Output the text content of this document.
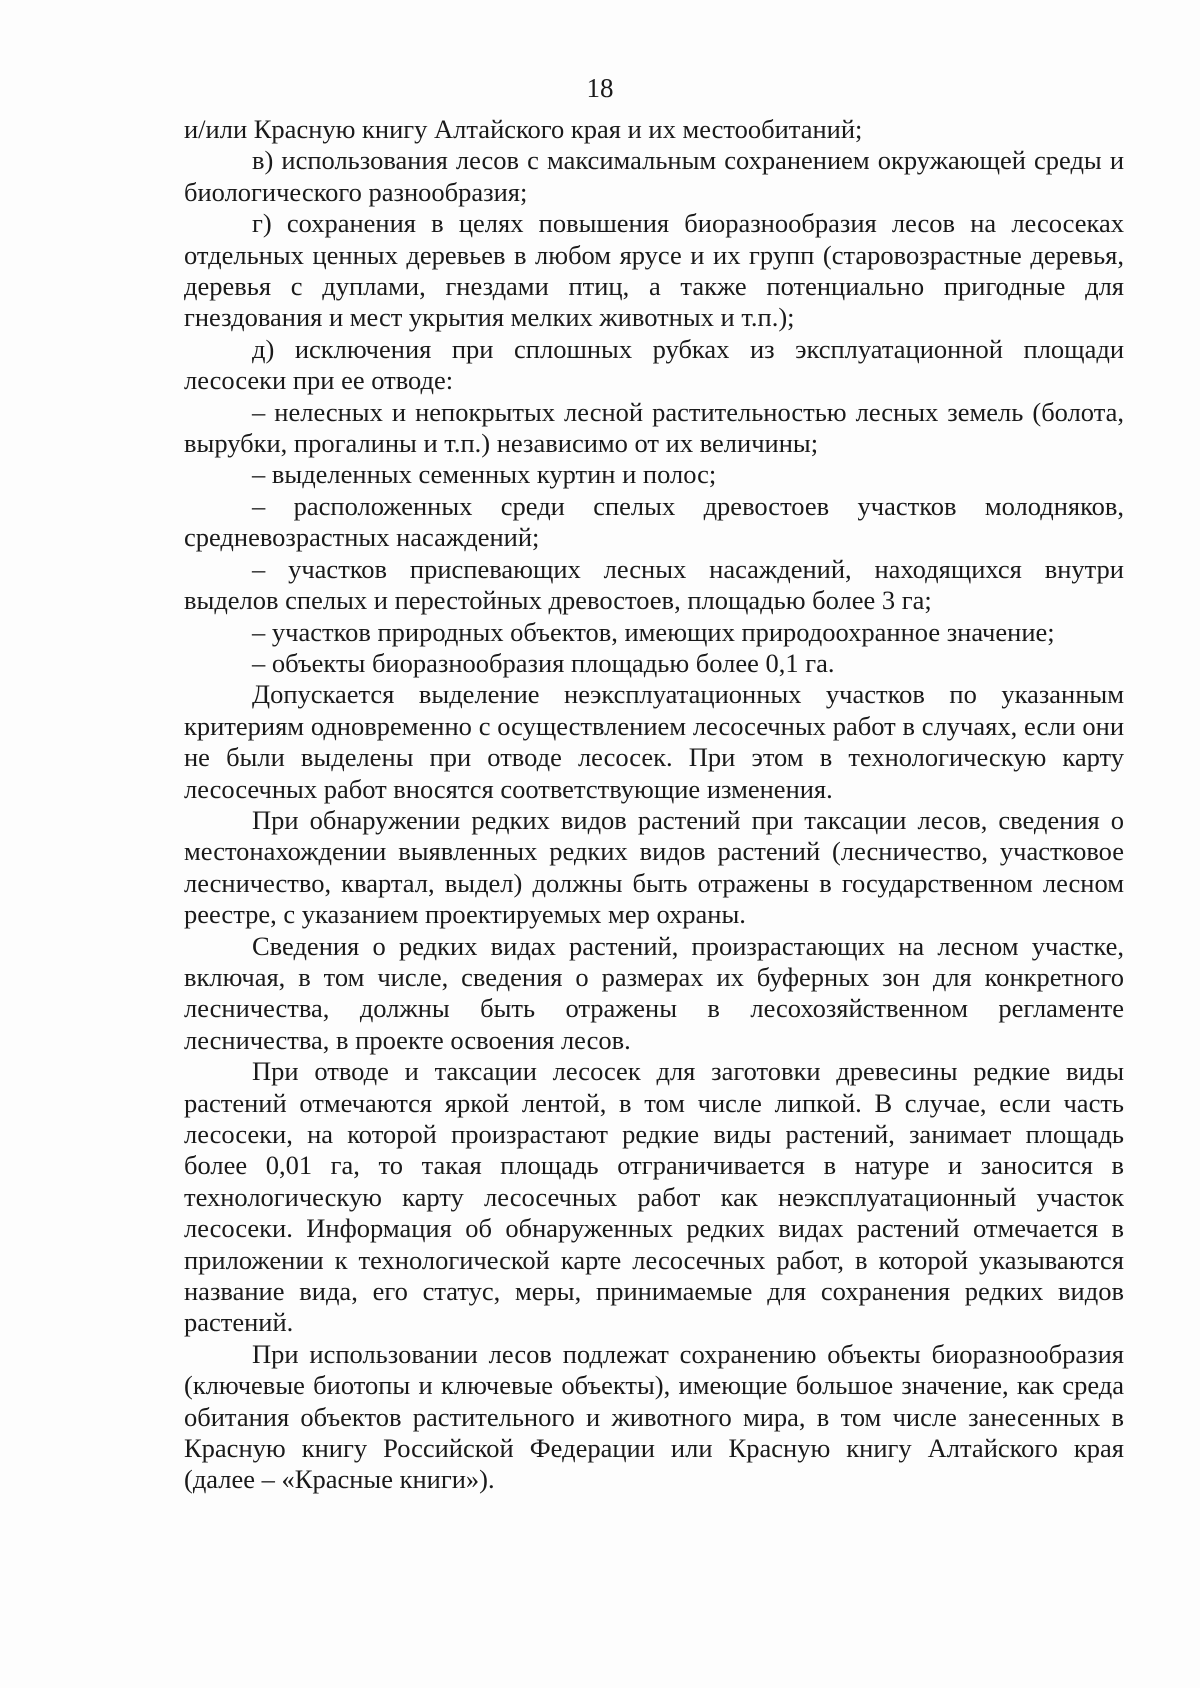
18

и/или Красную книгу Алтайского края и их местообитаний;

в) использования лесов с максимальным сохранением окружающей среды и биологического разнообразия;

г) сохранения в целях повышения биоразнообразия лесов на лесосеках отдельных ценных деревьев в любом ярусе и их групп (старовозрастные деревья, деревья с дуплами, гнездами птиц, а также потенциально пригодные для гнездования и мест укрытия мелких животных и т.п.);

д) исключения при сплошных рубках из эксплуатационной площади лесосеки при ее отводе:

– нелесных и непокрытых лесной растительностью лесных земель (болота, вырубки, прогалины и т.п.) независимо от их величины;

– выделенных семенных куртин и полос;

– расположенных среди спелых древостоев участков молодняков, средневозрастных насаждений;

– участков приспевающих лесных насаждений, находящихся внутри выделов спелых и перестойных древостоев, площадью более 3 га;

– участков природных объектов, имеющих природоохранное значение;

– объекты биоразнообразия площадью более 0,1 га.

Допускается выделение неэксплуатационных участков по указанным критериям одновременно с осуществлением лесосечных работ в случаях, если они не были выделены при отводе лесосек. При этом в технологическую карту лесосечных работ вносятся соответствующие изменения.

При обнаружении редких видов растений при таксации лесов, сведения о местонахождении выявленных редких видов растений (лесничество, участковое лесничество, квартал, выдел) должны быть отражены в государственном лесном реестре, с указанием проектируемых мер охраны.

Сведения о редких видах растений, произрастающих на лесном участке, включая, в том числе, сведения о размерах их буферных зон для конкретного лесничества, должны быть отражены в лесохозяйственном регламенте лесничества, в проекте освоения лесов.

При отводе и таксации лесосек для заготовки древесины редкие виды растений отмечаются яркой лентой, в том числе липкой. В случае, если часть лесосеки, на которой произрастают редкие виды растений, занимает площадь более 0,01 га, то такая площадь отграничивается в натуре и заносится в технологическую карту лесосечных работ как неэксплуатационный участок лесосеки. Информация об обнаруженных редких видах растений отмечается в приложении к технологической карте лесосечных работ, в которой указываются название вида, его статус, меры, принимаемые для сохранения редких видов растений.

При использовании лесов подлежат сохранению объекты биоразнообразия (ключевые биотопы и ключевые объекты), имеющие большое значение, как среда обитания объектов растительного и животного мира, в том числе занесенных в Красную книгу Российской Федерации или Красную книгу Алтайского края (далее – «Красные книги»).
